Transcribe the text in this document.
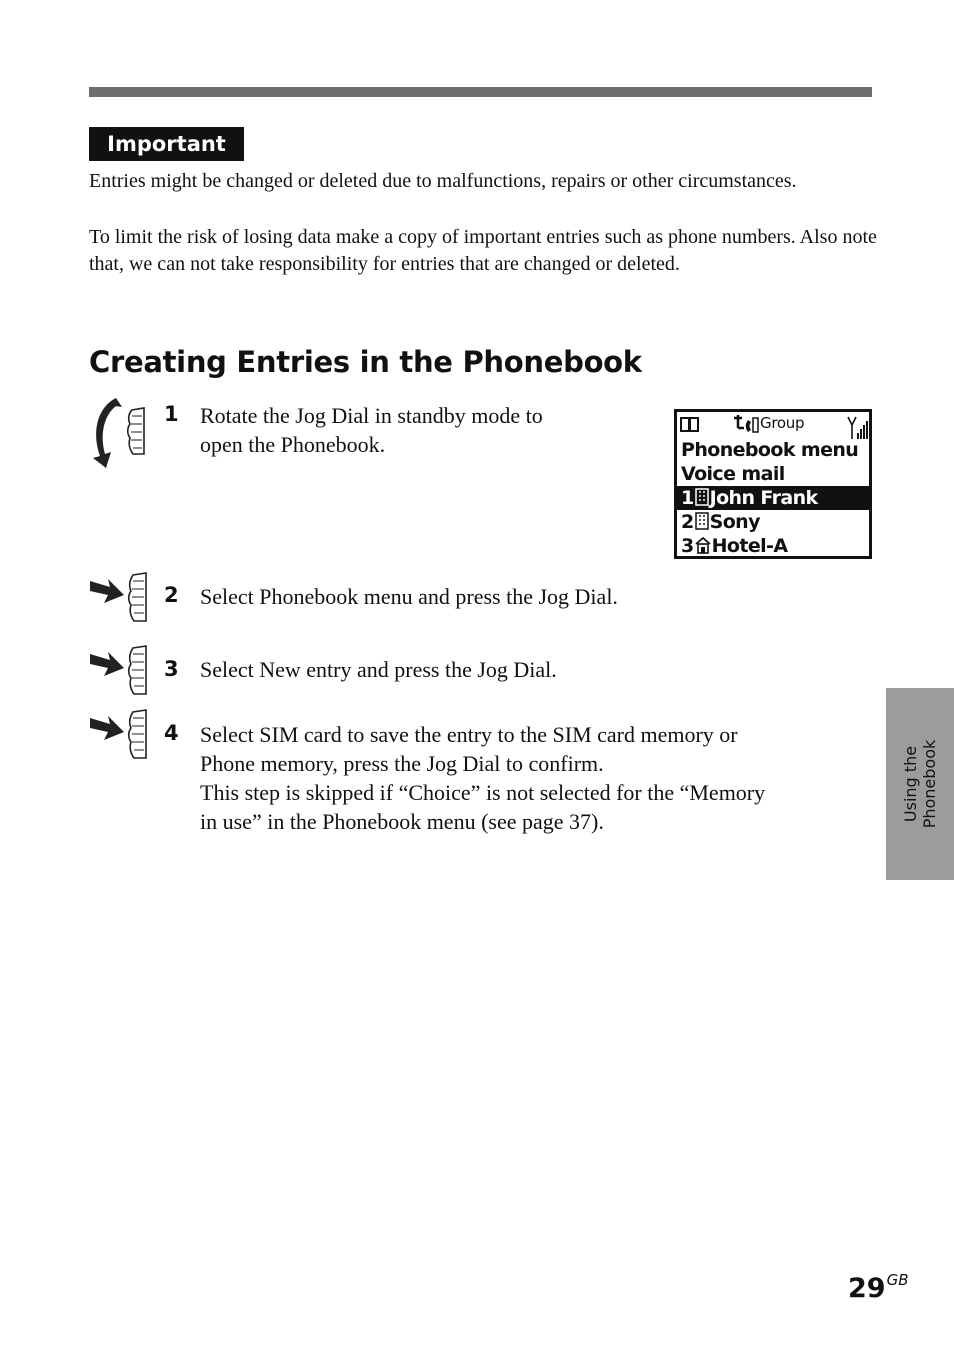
Important

Entries might be changed or deleted due to malfunctions, repairs or other circumstances.

To limit the risk of losing data make a copy of important entries such as phone numbers. Also note that, we can not take responsibility for entries that are changed or deleted.

Creating Entries in the Phonebook
1 Rotate the Jog Dial in standby mode to
open the Phonebook.
Group
Phonebook menu
Voice mail
1 John Frank
2 Sony
3 Hotel-A
2 Select Phonebook menu and press the Jog Dial.
3 Select New entry and press the Jog Dial.
4 Select SIM card to save the entry to the SIM card memory or
Phone memory, press the Jog Dial to confirm.
This step is skipped if “Choice” is not selected for the “Memory
in use” in the Phonebook menu (see page 37).	Using the Phonebook
$29^{GB}$
